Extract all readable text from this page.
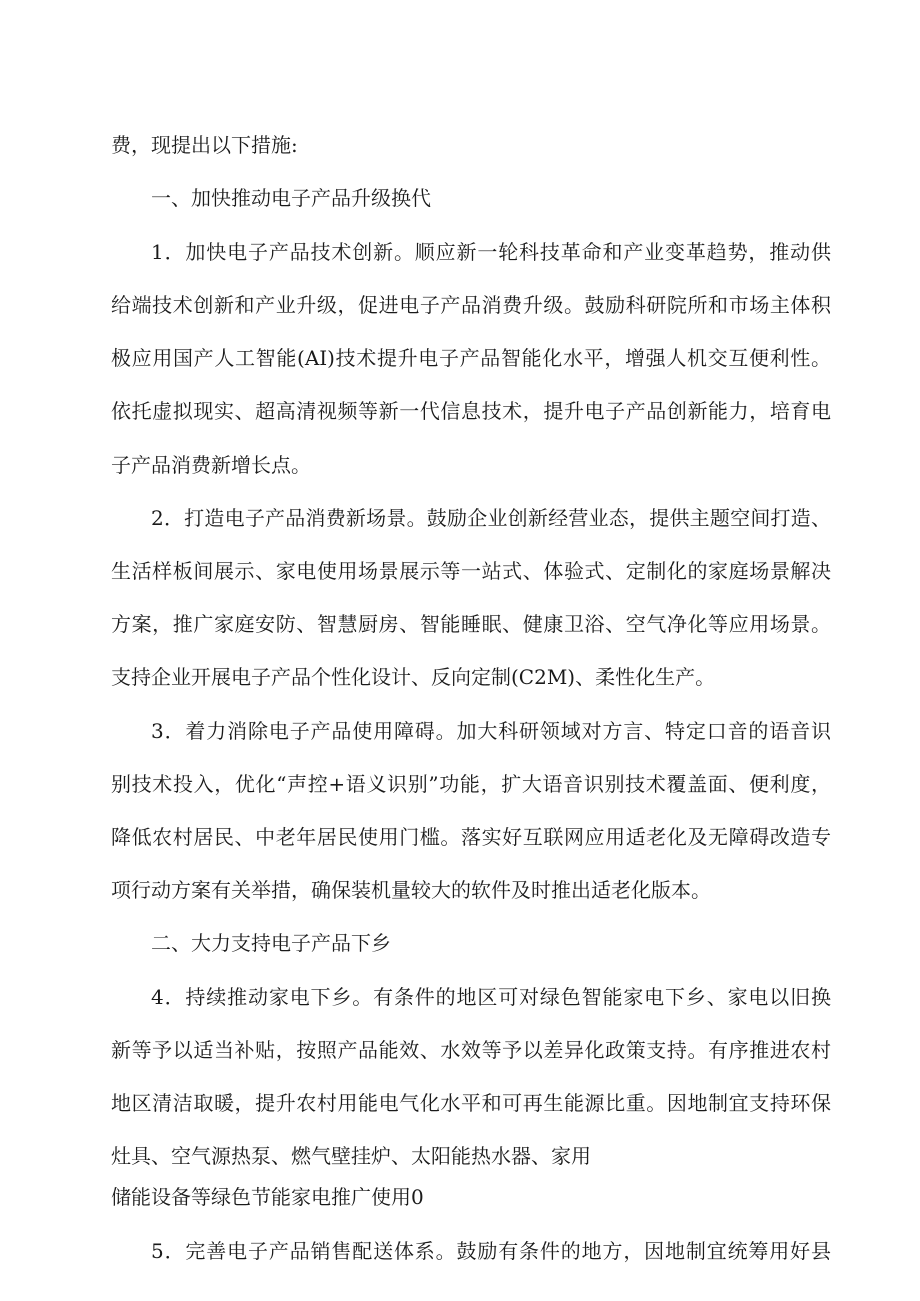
费，现提出以下措施:

一、加快推动电子产品升级换代

1．加快电子产品技术创新。顺应新一轮科技革命和产业变革趋势，推动供

给端技术创新和产业升级，促进电子产品消费升级。鼓励科研院所和市场主体积

极应用国产人工智能(AI)技术提升电子产品智能化水平，增强人机交互便利性。

依托虚拟现实、超高清视频等新一代信息技术，提升电子产品创新能力，培育电

子产品消费新增长点。

2．打造电子产品消费新场景。鼓励企业创新经营业态，提供主题空间打造、

生活样板间展示、家电使用场景展示等一站式、体验式、定制化的家庭场景解决

方案，推广家庭安防、智慧厨房、智能睡眠、健康卫浴、空气净化等应用场景。

支持企业开展电子产品个性化设计、反向定制(C2M)、柔性化生产。

3．着力消除电子产品使用障碍。加大科研领域对方言、特定口音的语音识

别技术投入，优化“声控+语义识别”功能，扩大语音识别技术覆盖面、便利度，

降低农村居民、中老年居民使用门槛。落实好互联网应用适老化及无障碍改造专

项行动方案有关举措，确保装机量较大的软件及时推出适老化版本。

二、大力支持电子产品下乡

4．持续推动家电下乡。有条件的地区可对绿色智能家电下乡、家电以旧换

新等予以适当补贴，按照产品能效、水效等予以差异化政策支持。有序推进农村

地区清洁取暖，提升农村用能电气化水平和可再生能源比重。因地制宜支持环保

灶具、空气源热泵、燃气壁挂炉、太阳能热水器、家用

储能设备等绿色节能家电推广使用0

5．完善电子产品销售配送体系。鼓励有条件的地方，因地制宜统筹用好县
